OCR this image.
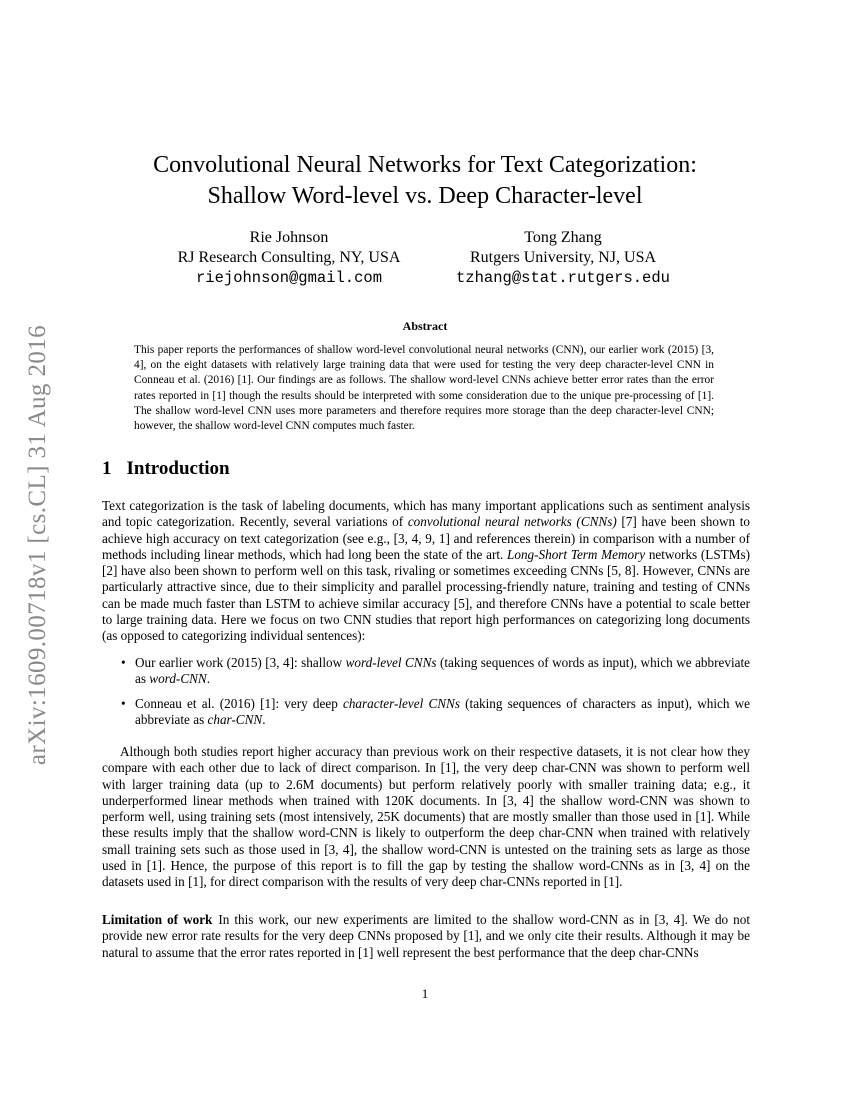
arXiv:1609.00718v1 [cs.CL] 31 Aug 2016
Convolutional Neural Networks for Text Categorization:
Shallow Word-level vs. Deep Character-level
Rie Johnson
RJ Research Consulting, NY, USA
riejohnson@gmail.com
Tong Zhang
Rutgers University, NJ, USA
tzhang@stat.rutgers.edu
Abstract

This paper reports the performances of shallow word-level convolutional neural networks (CNN), our earlier work (2015) [3, 4], on the eight datasets with relatively large training data that were used for testing the very deep character-level CNN in Conneau et al. (2016) [1]. Our findings are as follows. The shallow word-level CNNs achieve better error rates than the error rates reported in [1] though the results should be interpreted with some consideration due to the unique pre-processing of [1]. The shallow word-level CNN uses more parameters and therefore requires more storage than the deep character-level CNN; however, the shallow word-level CNN computes much faster.

1 Introduction

Text categorization is the task of labeling documents, which has many important applications such as sentiment analysis and topic categorization. Recently, several variations of convolutional neural networks (CNNs) [7] have been shown to achieve high accuracy on text categorization (see e.g., [3, 4, 9, 1] and references therein) in comparison with a number of methods including linear methods, which had long been the state of the art. Long-Short Term Memory networks (LSTMs) [2] have also been shown to perform well on this task, rivaling or sometimes exceeding CNNs [5, 8]. However, CNNs are particularly attractive since, due to their simplicity and parallel processing-friendly nature, training and testing of CNNs can be made much faster than LSTM to achieve similar accuracy [5], and therefore CNNs have a potential to scale better to large training data. Here we focus on two CNN studies that report high performances on categorizing long documents (as opposed to categorizing individual sentences):

• Our earlier work (2015) [3, 4]: shallow word-level CNNs (taking sequences of words as input), which we abbreviate as word-CNN.
• Conneau et al. (2016) [1]: very deep character-level CNNs (taking sequences of characters as input), which we abbreviate as char-CNN.

Although both studies report higher accuracy than previous work on their respective datasets, it is not clear how they compare with each other due to lack of direct comparison. In [1], the very deep char-CNN was shown to perform well with larger training data (up to 2.6M documents) but perform relatively poorly with smaller training data; e.g., it underperformed linear methods when trained with 120K documents. In [3, 4] the shallow word-CNN was shown to perform well, using training sets (most intensively, 25K documents) that are mostly smaller than those used in [1]. While these results imply that the shallow word-CNN is likely to outperform the deep char-CNN when trained with relatively small training sets such as those used in [3, 4], the shallow word-CNN is untested on the training sets as large as those used in [1]. Hence, the purpose of this report is to fill the gap by testing the shallow word-CNNs as in [3, 4] on the datasets used in [1], for direct comparison with the results of very deep char-CNNs reported in [1].

Limitation of work In this work, our new experiments are limited to the shallow word-CNN as in [3, 4]. We do not provide new error rate results for the very deep CNNs proposed by [1], and we only cite their results. Although it may be natural to assume that the error rates reported in [1] well represent the best performance that the deep char-CNNs

1
